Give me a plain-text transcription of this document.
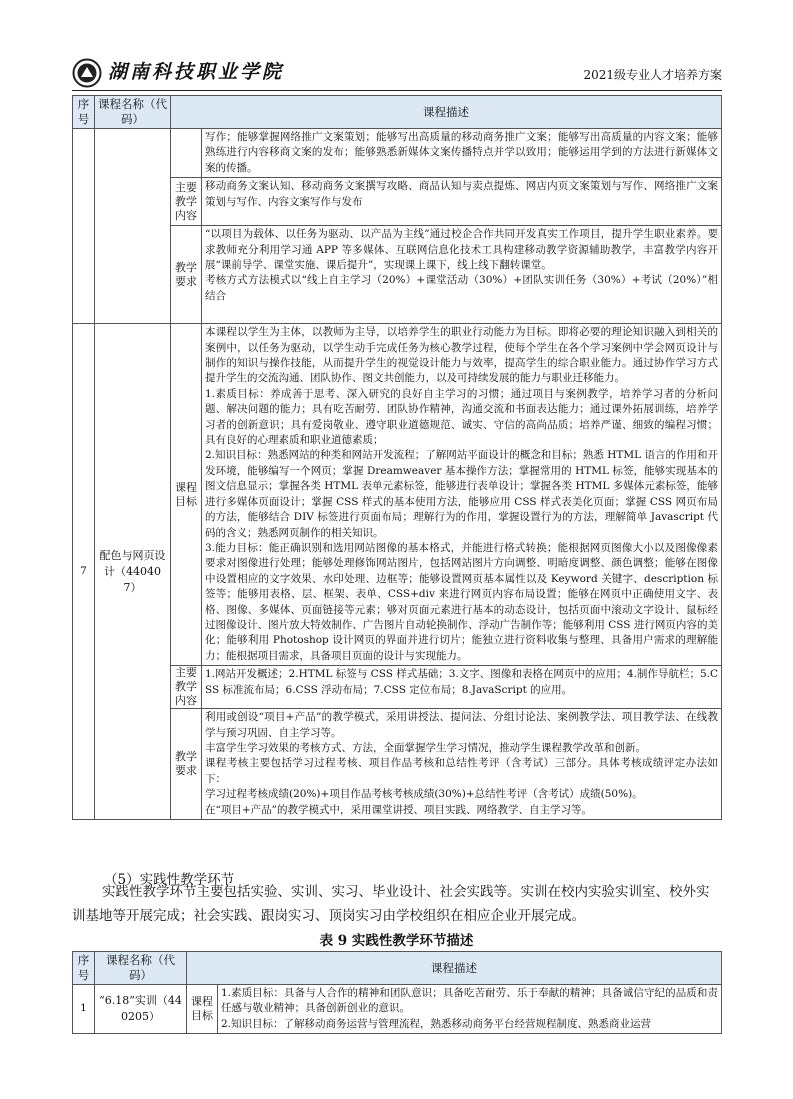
湖南科技职业学院	2021级专业人才培养方案
序号	课程名称（代码）	课程描述	

			写作；能够掌握网络推广文案策划；能够写出高质量的移动商务推广文案；能够写出高质量的内容文案；能够熟练进行内容移商文案的发布；能够熟悉新媒体文案传播特点并学以致用；能够运用学到的方法进行新媒体文案的传播。

		主要教学内容	移动商务文案认知、移动商务文案撰写攻略、商品认知与卖点提炼、网店内页文案策划与写作、网络推广文案策划与写作、内容文案写作与发布

		教学要求	“以项目为载体、以任务为驱动、以产品为主线”通过校企合作共同开发真实工作项目，提升学生职业素养。要求教师充分利用学习通 APP 等多媒体、互联网信息化技术工具构建移动教学资源辅助教学，丰富教学内容开展“课前导学、课堂实施、课后提升”，实现课上课下，线上线下翻转课堂。
考核方式方法模式以“线上自主学习（20%）+课堂活动（30%）+团队实训任务（30%）+考试（20%）”相结合

7	配色与网页设计（440407）	课程目标	本课程以学生为主体，以教师为主导，以培养学生的职业行动能力为目标。即将必要的理论知识融入到相关的案例中，以任务为驱动，以学生动手完成任务为核心教学过程，使每个学生在各个学习案例中学会网页设计与制作的知识与操作技能，从而提升学生的视觉设计能力与效率，提高学生的综合职业能力。通过协作学习方式提升学生的交流沟通、团队协作、图文共创能力，以及可持续发展的能力与职业迁移能力。
1.素质目标：养成善于思考、深入研究的良好自主学习的习惯；通过项目与案例教学，培养学习者的分析问题、解决问题的能力；具有吃苦耐劳、团队协作精神，沟通交流和书面表达能力；通过课外拓展训练，培养学习者的创新意识；具有爱岗敬业、遵守职业道德规范、诚实、守信的高尚品质；培养严谨、细致的编程习惯；具有良好的心理素质和职业道德素质；
2.知识目标：熟悉网站的种类和网站开发流程；了解网站平面设计的概念和目标；熟悉 HTML 语言的作用和开发环境，能够编写一个网页；掌握 Dreamweaver 基本操作方法；掌握常用的 HTML 标签，能够实现基本的图文信息显示；掌握各类 HTML 表单元素标签，能够进行表单设计；掌握各类 HTML 多媒体元素标签，能够进行多媒体页面设计；掌握 CSS 样式的基本使用方法，能够应用 CSS 样式表美化页面；掌握 CSS 网页布局的方法，能够结合 DIV 标签进行页面布局；理解行为的作用，掌握设置行为的方法，理解简单 Javascript 代码的含义；熟悉网页制作的相关知识。
3.能力目标：能正确识别和选用网站图像的基本格式，并能进行格式转换；能根据网页图像大小以及图像像素要求对图像进行处理；能够处理修饰网站图片，包括网站图片方向调整、明暗度调整、颜色调整；能够在图像中设置相应的文字效果、水印处理、边框等；能够设置网页基本属性以及 Keyword 关键字、description 标签等；能够用表格、层、框架、表单、CSS+div 来进行网页内容布局设置；能够在网页中正确使用文字、表格、图像、多媒体、页面链接等元素；够对页面元素进行基本的动态设计，包括页面中滚动文字设计、鼠标经过图像设计、图片放大特效制作、广告图片自动轮换制作、浮动广告制作等；能够利用 CSS 进行网页内容的美化；能够利用 Photoshop 设计网页的界面并进行切片；能独立进行资料收集与整理、具备用户需求的理解能力；能根据项目需求，具备项目页面的设计与实现能力。

		主要教学内容	1.网站开发概述；2.HTML 标签与 CSS 样式基础；3.文字、图像和表格在网页中的应用；4.制作导航栏；5.CSS 标准流布局；6.CSS 浮动布局；7.CSS 定位布局；8.JavaScript 的应用。

		教学要求	利用或创设“项目+产品”的教学模式，采用讲授法、提问法、分组讨论法、案例教学法、项目教学法、在线教学与预习巩固、自主学习等。
丰富学生学习效果的考核方式、方法，全面掌握学生学习情况，推动学生课程教学改革和创新。
课程考核主要包括学习过程考核、项目作品考核和总结性考评（含考试）三部分。具体考核成绩评定办法如下：
学习过程考核成绩(20%)+项目作品考核考核成绩(30%)+总结性考评（含考试）成绩(50%)。
在“项目+产品”的教学模式中，采用课堂讲授、项目实践、网络教学、自主学习等。
（5）实践性教学环节
实践性教学环节主要包括实验、实训、实习、毕业设计、社会实践等。实训在校内实验实训室、校外实训基地等开展完成；社会实践、跟岗实习、顶岗实习由学校组织在相应企业开展完成。
表 9 实践性教学环节描述
序号	课程名称（代码）	课程描述	
1	“6.18”实训（440205）	课程目标	1.素质目标：具备与人合作的精神和团队意识；具备吃苦耐劳、乐于奉献的精神；具备诚信守纪的品质和责任感与敬业精神；具备创新创业的意识。
2.知识目标：了解移动商务运营与管理流程，熟悉移动商务平台经营规程制度、熟悉商业运营
